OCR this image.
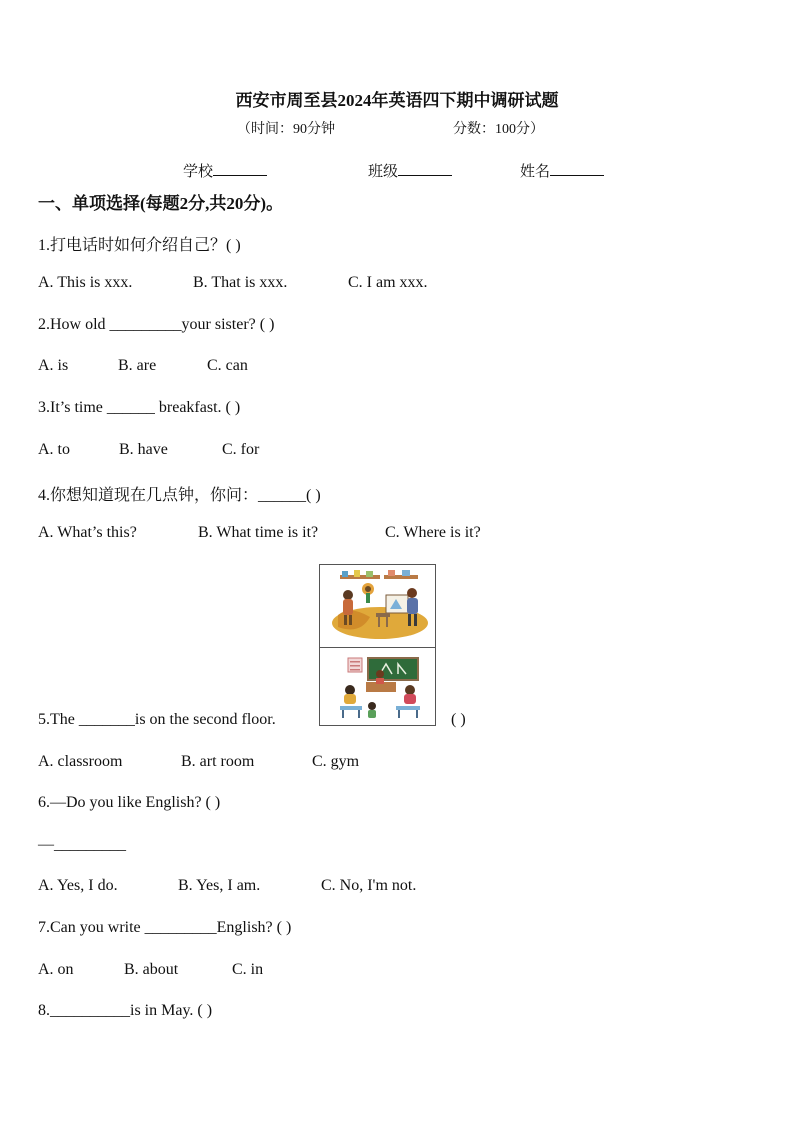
西安市周至县2024年英语四下期中调研试题
（时间：90分钟	分数：100分）
学校	班级	姓名
一、单项选择(每题2分,共20分)。
1.打电话时如何介绍自己？( )
A. This is xxx.	B. That is xxx.	C. I am xxx.
2.How old _________your sister? ( )
A. is	B. are	C. can
3.It’s time ______ breakfast. ( )
A. to	B. have	C. for
4.你想知道现在几点钟，你问：______( )
A. What’s this?	B. What time is it?	C. Where is it?
5.The _______is on the second floor.	( )
A. classroom	B. art room	C. gym
6.—Do you like English? ( )
—_________
A. Yes, I do.	B. Yes, I am.	C. No, I'm not.
7.Can you write _________English? ( )
A. on	B. about	C. in
8.__________is in May. ( )
